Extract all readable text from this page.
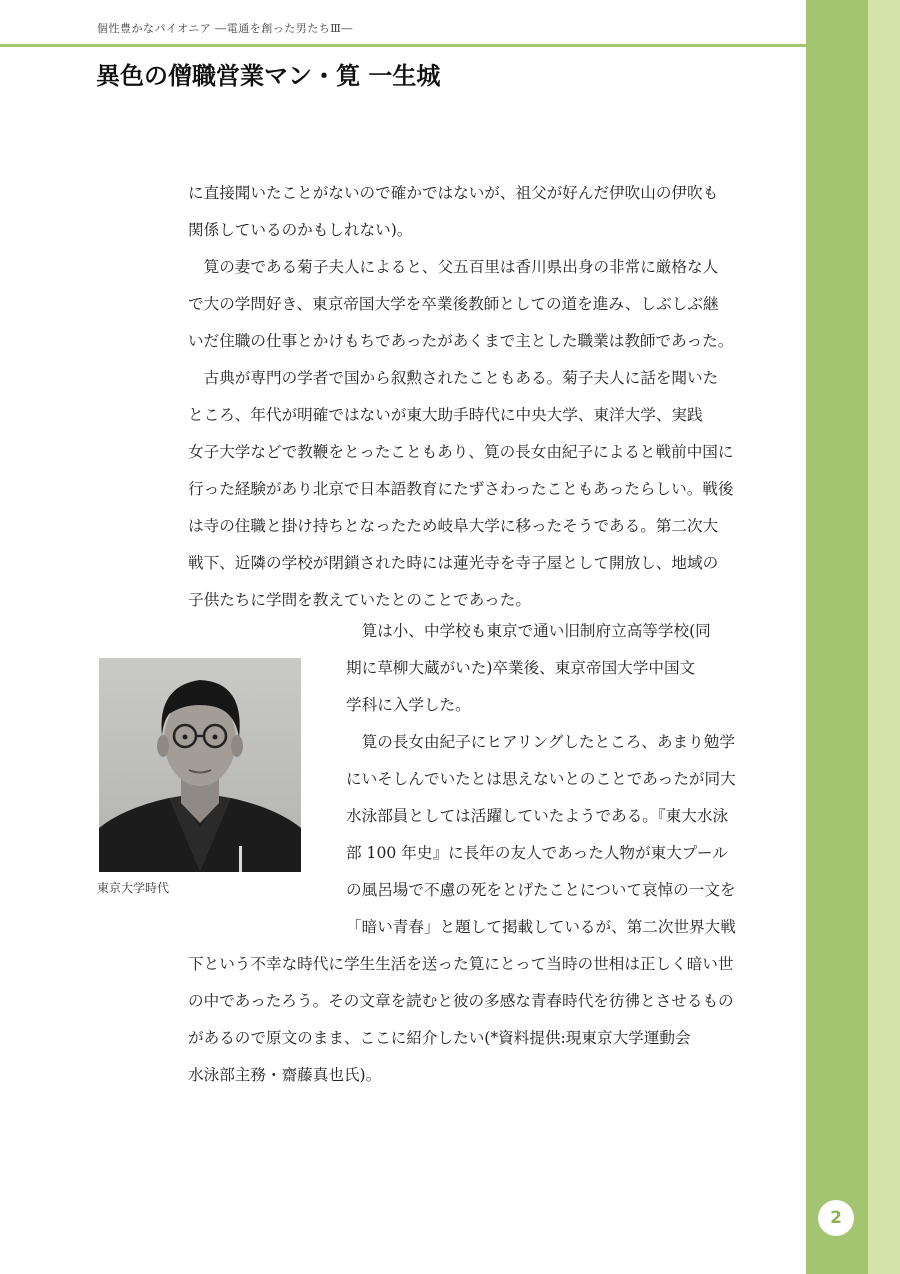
個性豊かなパイオニア ―電通を創った男たちⅢ―
異色の僧職営業マン・筧 一生城
に直接聞いたことがないので確かではないが、祖父が好んだ伊吹山の伊吹も
関係しているのかもしれない)。
　筧の妻である菊子夫人によると、父五百里は香川県出身の非常に厳格な人
で大の学問好き、東京帝国大学を卒業後教師としての道を進み、しぶしぶ継
いだ住職の仕事とかけもちであったがあくまで主とした職業は教師であった。
　古典が専門の学者で国から叙勲されたこともある。菊子夫人に話を聞いた
ところ、年代が明確ではないが東大助手時代に中央大学、東洋大学、実践
女子大学などで教鞭をとったこともあり、筧の長女由紀子によると戦前中国に
行った経験があり北京で日本語教育にたずさわったこともあったらしい。戦後
は寺の住職と掛け持ちとなったため岐阜大学に移ったそうである。第二次大
戦下、近隣の学校が閉鎖された時には蓮光寺を寺子屋として開放し、地域の
子供たちに学問を教えていたとのことであった。
東京大学時代
　筧は小、中学校も東京で通い旧制府立高等学校(同
期に草柳大蔵がいた)卒業後、東京帝国大学中国文
学科に入学した。
　筧の長女由紀子にヒアリングしたところ、あまり勉学
にいそしんでいたとは思えないとのことであったが同大
水泳部員としては活躍していたようである。『東大水泳
部 100 年史』に長年の友人であった人物が東大プール
の風呂場で不慮の死をとげたことについて哀悼の一文を
「暗い青春」と題して掲載しているが、第二次世界大戦
下という不幸な時代に学生生活を送った筧にとって当時の世相は正しく暗い世
の中であったろう。その文章を読むと彼の多感な青春時代を彷彿とさせるもの
があるので原文のまま、ここに紹介したい(*資料提供:現東京大学運動会
水泳部主務・齋藤真也氏)。
2
